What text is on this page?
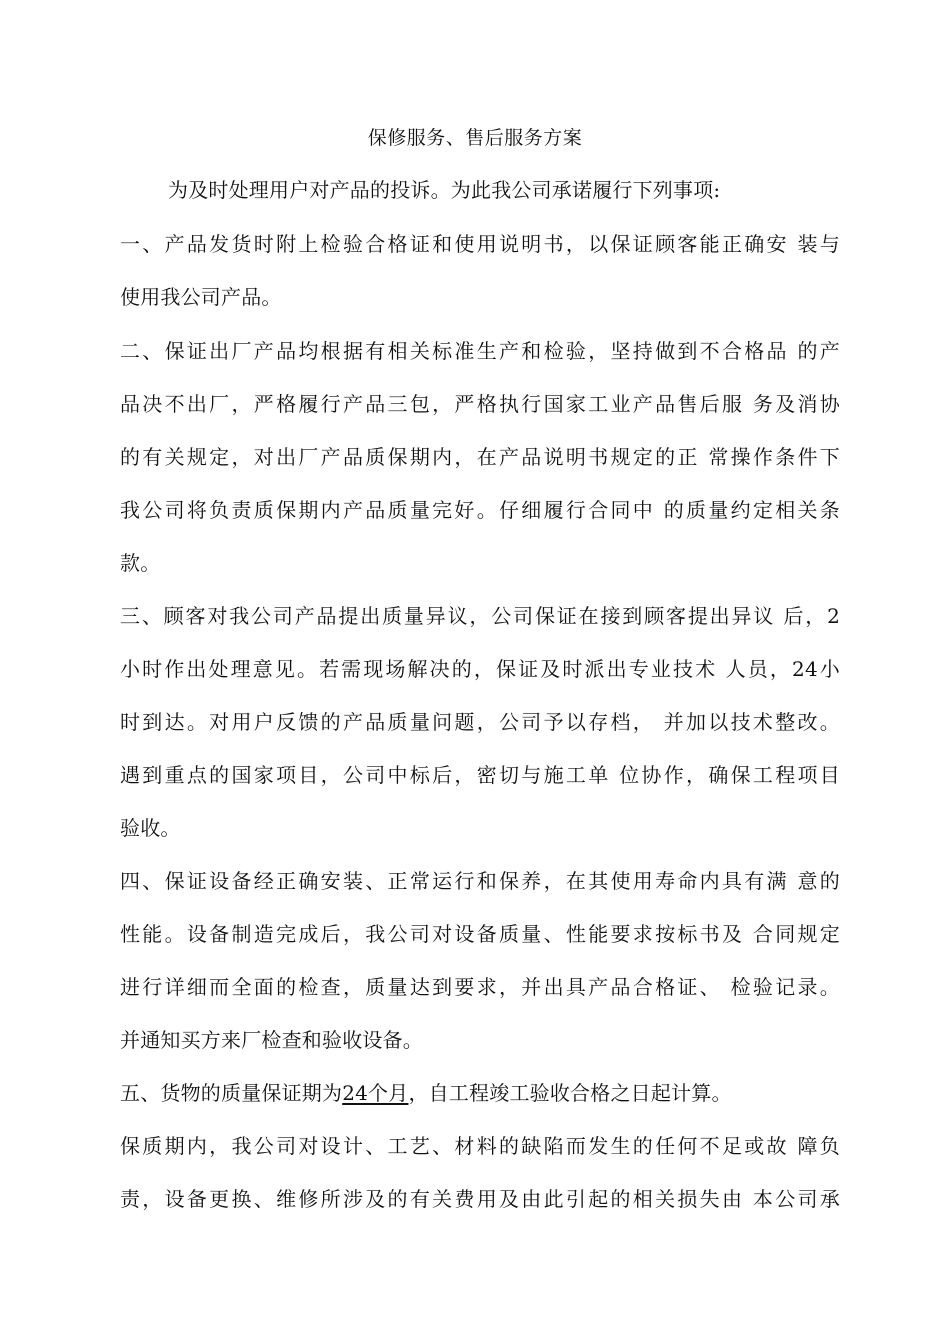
保修服务、售后服务方案
为及时处理用户对产品的投诉。为此我公司承诺履行下列事项:
一、产品发货时附上检验合格证和使用说明书，以保证顾客能正确安 装与
使用我公司产品。
二、保证出厂产品均根据有相关标准生产和检验，坚持做到不合格品 的产
品决不出厂，严格履行产品三包，严格执行国家工业产品售后服 务及消协
的有关规定，对出厂产品质保期内，在产品说明书规定的正 常操作条件下
我公司将负责质保期内产品质量完好。仔细履行合同中 的质量约定相关条
款。
三、顾客对我公司产品提出质量异议，公司保证在接到顾客提出异议 后，2
小时作出处理意见。若需现场解决的，保证及时派出专业技术 人员，24小
时到达。对用户反馈的产品质量问题，公司予以存档， 并加以技术整改。
遇到重点的国家项目，公司中标后，密切与施工单 位协作，确保工程项目
验收。
四、保证设备经正确安装、正常运行和保养，在其使用寿命内具有满 意的
性能。设备制造完成后，我公司对设备质量、性能要求按标书及 合同规定
进行详细而全面的检查，质量达到要求，并出具产品合格证、 检验记录。
并通知买方来厂检查和验收设备。
五、货物的质量保证期为24个月，自工程竣工验收合格之日起计算。
保质期内，我公司对设计、工艺、材料的缺陷而发生的任何不足或故 障负
责，设备更换、维修所涉及的有关费用及由此引起的相关损失由 本公司承
